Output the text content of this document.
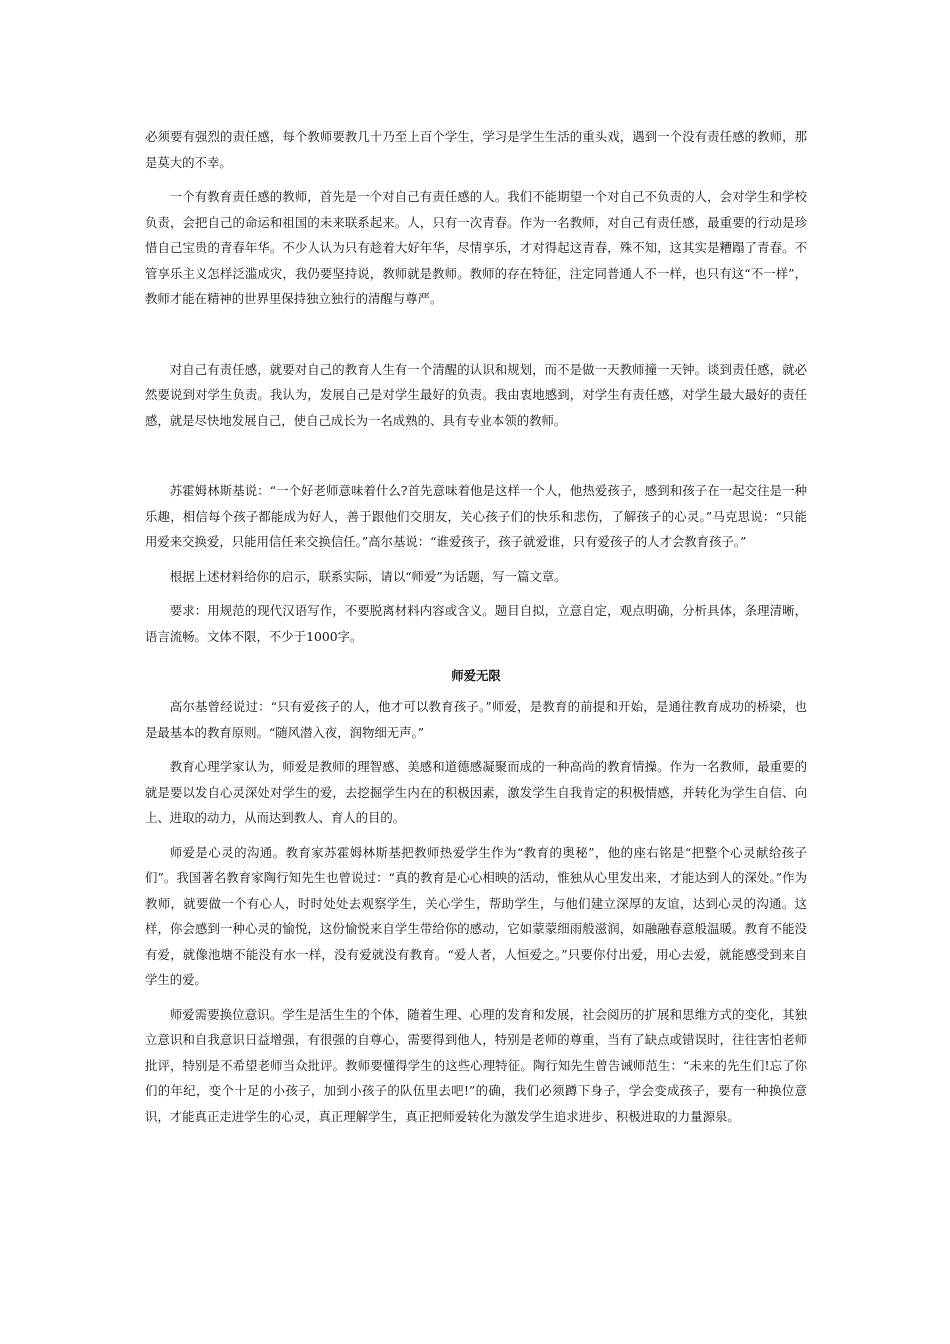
必须要有强烈的责任感，每个教师要教几十乃至上百个学生，学习是学生生活的重头戏，遇到一个没有责任感的教师，那是莫大的不幸。

一个有教育责任感的教师，首先是一个对自己有责任感的人。我们不能期望一个对自己不负责的人，会对学生和学校负责，会把自己的命运和祖国的未来联系起来。人，只有一次青春。作为一名教师，对自己有责任感，最重要的行动是珍惜自己宝贵的青春年华。不少人认为只有趁着大好年华，尽情享乐，才对得起这青春，殊不知，这其实是糟蹋了青春。不管享乐主义怎样泛滥成灾，我仍要坚持说，教师就是教师。教师的存在特征，注定同普通人不一样，也只有这“不一样”，教师才能在精神的世界里保持独立独行的清醒与尊严。

对自己有责任感，就要对自己的教育人生有一个清醒的认识和规划，而不是做一天教师撞一天钟。谈到责任感，就必然要说到对学生负责。我认为，发展自己是对学生最好的负责。我由衷地感到，对学生有责任感，对学生最大最好的责任感，就是尽快地发展自己，使自己成长为一名成熟的、具有专业本领的教师。

苏霍姆林斯基说：“一个好老师意味着什么?首先意味着他是这样一个人，他热爱孩子，感到和孩子在一起交往是一种乐趣，相信每个孩子都能成为好人，善于跟他们交朋友，关心孩子们的快乐和悲伤，了解孩子的心灵。”马克思说：“只能用爱来交换爱，只能用信任来交换信任。”高尔基说：“谁爱孩子，孩子就爱谁，只有爱孩子的人才会教育孩子。”

根据上述材料给你的启示，联系实际，请以“师爱”为话题，写一篇文章。

要求：用规范的现代汉语写作，不要脱离材料内容或含义。题目自拟，立意自定，观点明确，分析具体，条理清晰，语言流畅。文体不限，不少于1000字。

师爱无限

高尔基曾经说过：“只有爱孩子的人，他才可以教育孩子。”师爱，是教育的前提和开始，是通往教育成功的桥梁，也是最基本的教育原则。“随风潜入夜，润物细无声。”

教育心理学家认为，师爱是教师的理智感、美感和道德感凝聚而成的一种高尚的教育情操。作为一名教师，最重要的就是要以发自心灵深处对学生的爱，去挖掘学生内在的积极因素，激发学生自我肯定的积极情感，并转化为学生自信、向上、进取的动力，从而达到教人、育人的目的。

师爱是心灵的沟通。教育家苏霍姆林斯基把教师热爱学生作为“教育的奥秘”，他的座右铭是“把整个心灵献给孩子们”。我国著名教育家陶行知先生也曾说过：“真的教育是心心相映的活动，惟独从心里发出来，才能达到人的深处。”作为教师，就要做一个有心人，时时处处去观察学生，关心学生，帮助学生，与他们建立深厚的友谊，达到心灵的沟通。这样，你会感到一种心灵的愉悦，这份愉悦来自学生带给你的感动，它如蒙蒙细雨般滋润，如融融春意般温暖。教育不能没有爱，就像池塘不能没有水一样，没有爱就没有教育。“爱人者，人恒爱之。”只要你付出爱，用心去爱，就能感受到来自学生的爱。

师爱需要换位意识。学生是活生生的个体，随着生理、心理的发育和发展，社会阅历的扩展和思维方式的变化，其独立意识和自我意识日益增强，有很强的自尊心，需要得到他人，特别是老师的尊重，当有了缺点或错误时，往往害怕老师批评，特别是不希望老师当众批评。教师要懂得学生的这些心理特征。陶行知先生曾告诫师范生：“未来的先生们!忘了你们的年纪，变个十足的小孩子，加到小孩子的队伍里去吧!”的确，我们必须蹲下身子，学会变成孩子，要有一种换位意识，才能真正走进学生的心灵，真正理解学生，真正把师爱转化为激发学生追求进步、积极进取的力量源泉。
